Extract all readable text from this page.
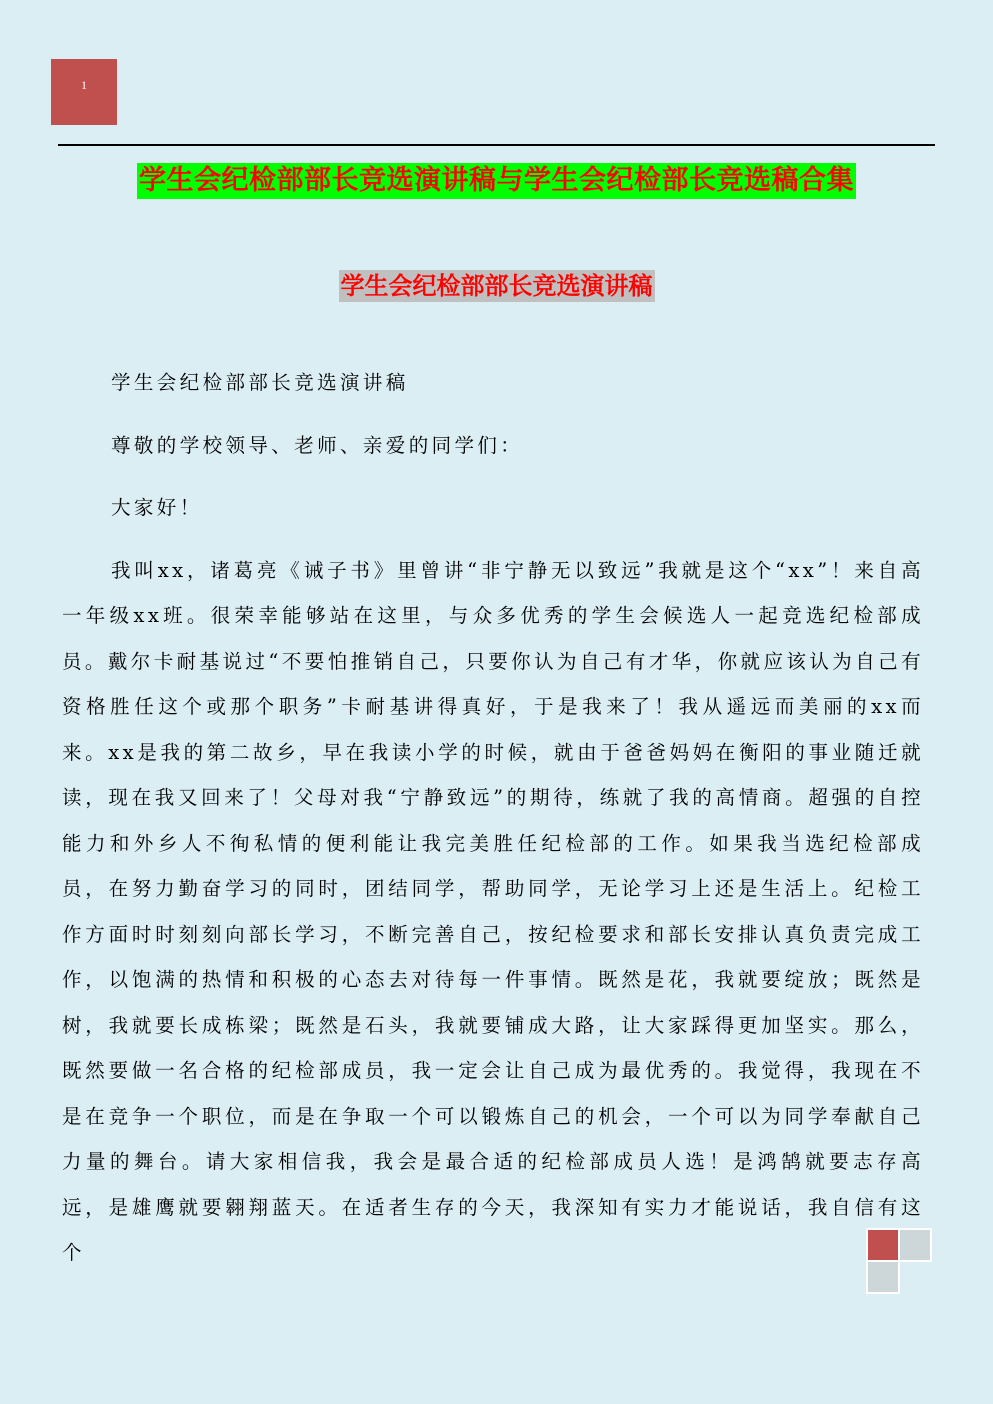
1
学生会纪检部部长竞选演讲稿与学生会纪检部长竞选稿合集
学生会纪检部部长竞选演讲稿

学生会纪检部部长竞选演讲稿

尊敬的学校领导、老师、亲爱的同学们：

大家好！

我叫xx，诸葛亮《诫子书》里曾讲“非宁静无以致远”我就是这个“xx”！来自高一年级xx班。很荣幸能够站在这里，与众多优秀的学生会候选人一起竞选纪检部成员。戴尔卡耐基说过“不要怕推销自己，只要你认为自己有才华，你就应该认为自己有资格胜任这个或那个职务”卡耐基讲得真好，于是我来了！我从遥远而美丽的xx而来。xx是我的第二故乡，早在我读小学的时候，就由于爸爸妈妈在衡阳的事业随迁就读，现在我又回来了！父母对我“宁静致远”的期待，练就了我的高情商。超强的自控能力和外乡人不徇私情的便利能让我完美胜任纪检部的工作。如果我当选纪检部成员，在努力勤奋学习的同时，团结同学，帮助同学，无论学习上还是生活上。纪检工作方面时时刻刻向部长学习，不断完善自己，按纪检要求和部长安排认真负责完成工作，以饱满的热情和积极的心态去对待每一件事情。既然是花，我就要绽放；既然是树，我就要长成栋梁；既然是石头，我就要铺成大路，让大家踩得更加坚实。那么，既然要做一名合格的纪检部成员，我一定会让自己成为最优秀的。我觉得，我现在不是在竞争一个职位，而是在争取一个可以锻炼自己的机会，一个可以为同学奉献自己力量的舞台。请大家相信我，我会是最合适的纪检部成员人选！是鸿鹄就要志存高远，是雄鹰就要翱翔蓝天。在适者生存的今天，我深知有实力才能说话，我自信有这个
